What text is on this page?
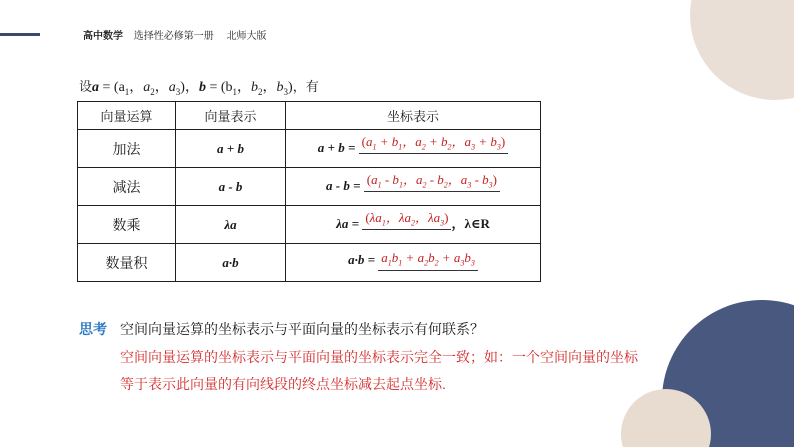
高中数学 选择性必修第一册 北师大版
设$a = (a_1$，$a_2$，$a_3$)，$b = (b_1$，$b_2$，$b_3$)，有
向量运算	向量表示	坐标表示
加法	a + b	$a + b = (a_1 + b_1$，$a_2 + b_2$，$a_3 + b_3$)
减法	a - b	$a - b = (a_1 - b_1$，$a_2 - b_2$，$a_3 - b_3$)
数乘	λa	$\lambda a = (\lambda a_1$，$\lambda a_2$，$\lambda a_3$) ，λ∈R
数量积	a·b	$a\cdot b = a_1b_1 + a_2b_2 + a_3b_3$
思考 空间向量运算的坐标表示与平面向量的坐标表示有何联系？
空间向量运算的坐标表示与平面向量的坐标表示完全一致；如：一个空间向量的坐标
等于表示此向量的有向线段的终点坐标减去起点坐标.
